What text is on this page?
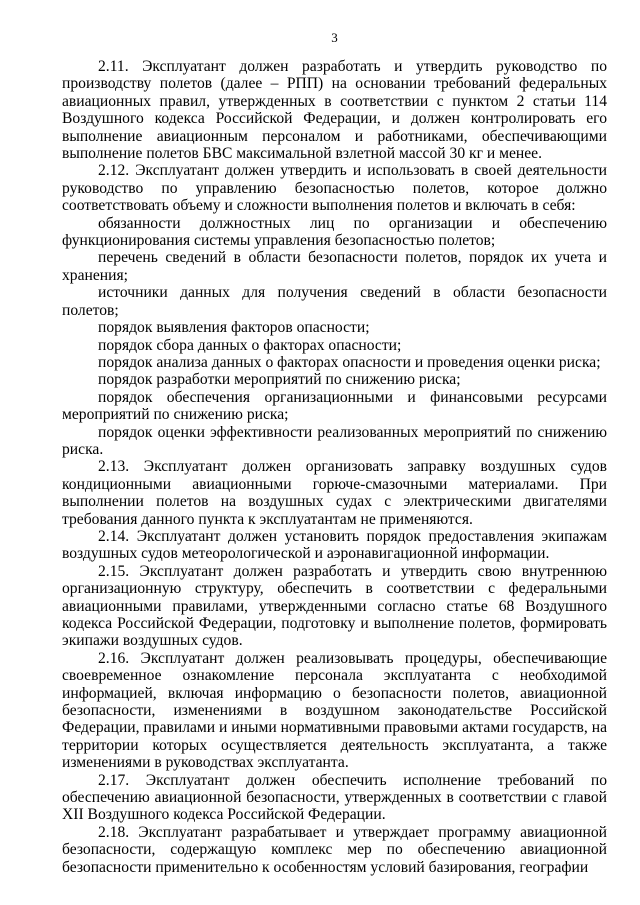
3

2.11. Эксплуатант должен разработать и утвердить руководство по производству полетов (далее – РПП) на основании требований федеральных авиационных правил, утвержденных в соответствии с пунктом 2 статьи 114 Воздушного кодекса Российской Федерации, и должен контролировать его выполнение авиационным персоналом и работниками, обеспечивающими выполнение полетов БВС максимальной взлетной массой 30 кг и менее.

2.12. Эксплуатант должен утвердить и использовать в своей деятельности руководство по управлению безопасностью полетов, которое должно соответствовать объему и сложности выполнения полетов и включать в себя:

обязанности должностных лиц по организации и обеспечению функционирования системы управления безопасностью полетов;

перечень сведений в области безопасности полетов, порядок их учета и хранения;

источники данных для получения сведений в области безопасности полетов;

порядок выявления факторов опасности;

порядок сбора данных о факторах опасности;

порядок анализа данных о факторах опасности и проведения оценки риска;

порядок разработки мероприятий по снижению риска;

порядок обеспечения организационными и финансовыми ресурсами мероприятий по снижению риска;

порядок оценки эффективности реализованных мероприятий по снижению риска.

2.13. Эксплуатант должен организовать заправку воздушных судов кондиционными авиационными горюче-смазочными материалами. При выполнении полетов на воздушных судах с электрическими двигателями требования данного пункта к эксплуатантам не применяются.

2.14. Эксплуатант должен установить порядок предоставления экипажам воздушных судов метеорологической и аэронавигационной информации.

2.15. Эксплуатант должен разработать и утвердить свою внутреннюю организационную структуру, обеспечить в соответствии с федеральными авиационными правилами, утвержденными согласно статье 68 Воздушного кодекса Российской Федерации, подготовку и выполнение полетов, формировать экипажи воздушных судов.

2.16. Эксплуатант должен реализовывать процедуры, обеспечивающие своевременное ознакомление персонала эксплуатанта с необходимой информацией, включая информацию о безопасности полетов, авиационной безопасности, изменениями в воздушном законодательстве Российской Федерации, правилами и иными нормативными правовыми актами государств, на территории которых осуществляется деятельность эксплуатанта, а также изменениями в руководствах эксплуатанта.

2.17. Эксплуатант должен обеспечить исполнение требований по обеспечению авиационной безопасности, утвержденных в соответствии с главой XII Воздушного кодекса Российской Федерации.

2.18. Эксплуатант разрабатывает и утверждает программу авиационной безопасности, содержащую комплекс мер по обеспечению авиационной безопасности применительно к особенностям условий базирования, географии
